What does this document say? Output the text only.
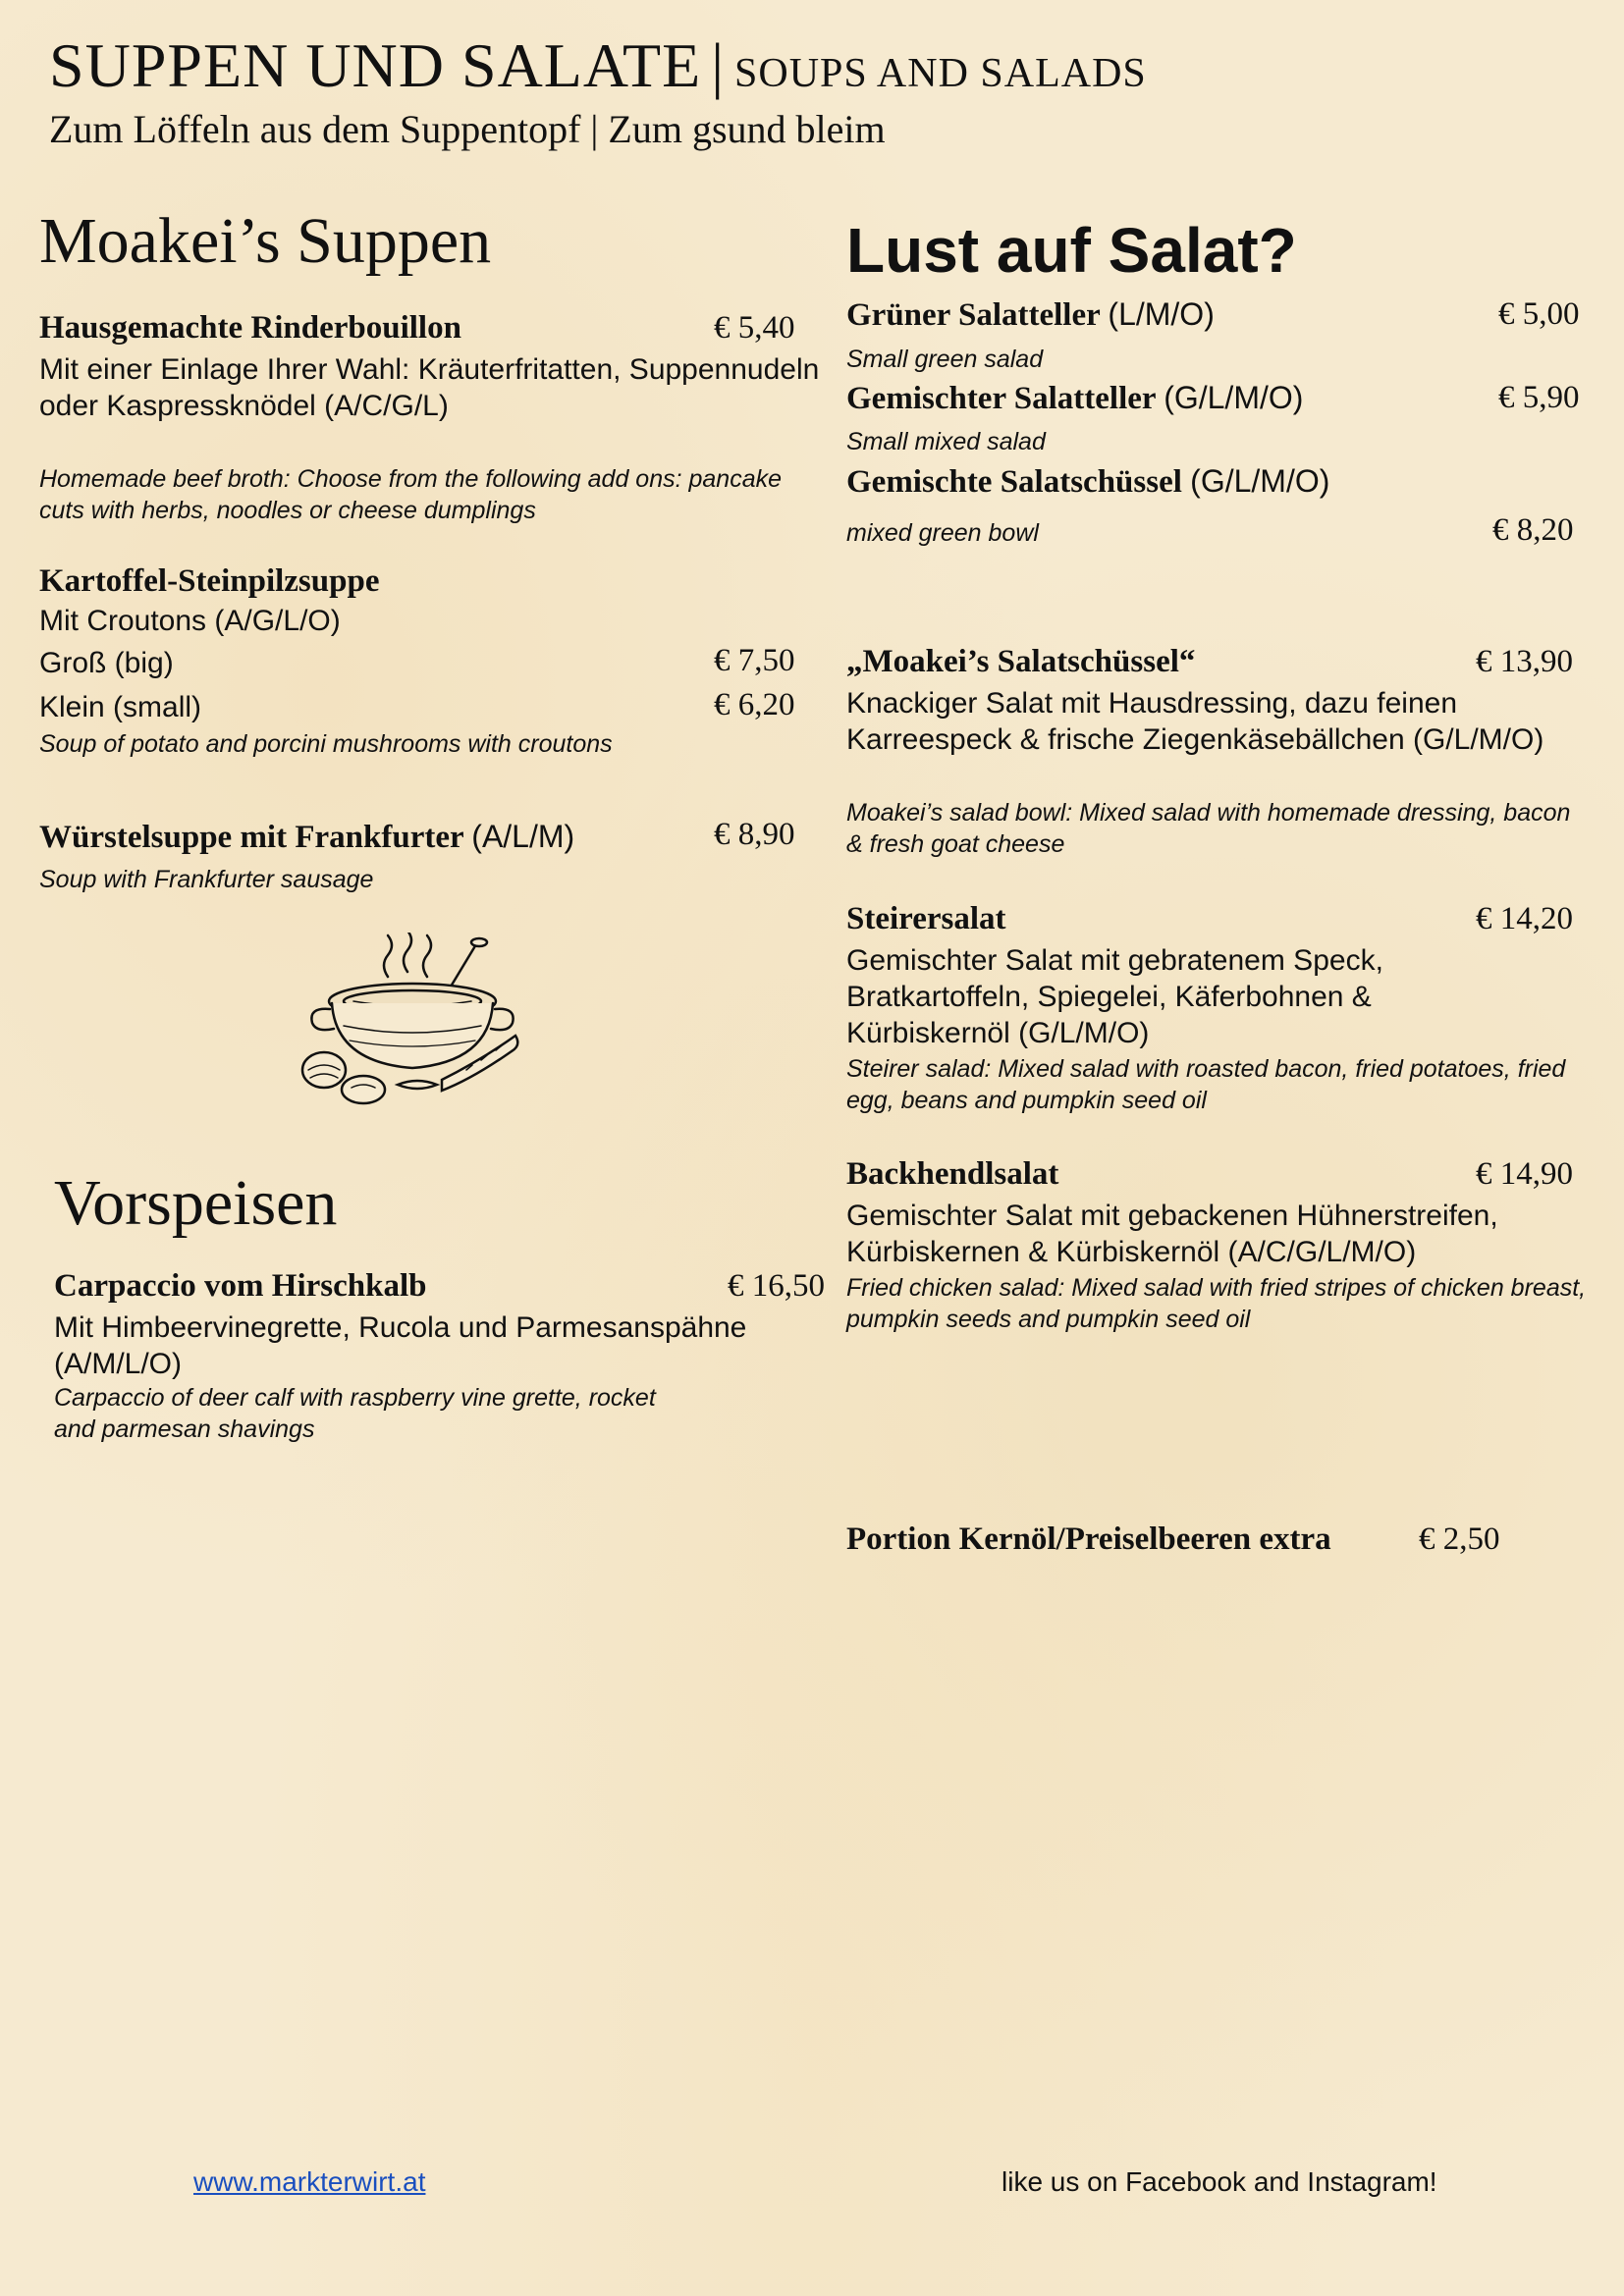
SUPPEN UND SALATE | SOUPS AND SALADS
Zum Löffeln aus dem Suppentopf | Zum gsund bleim
Moakei’s Suppen
Hausgemachte Rinderbouillon	€ 5,40
Mit einer Einlage Ihrer Wahl: Kräuterfritatten, Suppennudeln oder Kaspressknödel (A/C/G/L)
Homemade beef broth: Choose from the following add ons: pancake cuts with herbs, noodles or cheese dumplings
Kartoffel-Steinpilzsuppe
Mit Croutons (A/G/L/O)
Groß (big)	€ 7,50
Klein (small)	€ 6,20
Soup of potato and porcini mushrooms with croutons
Würstelsuppe mit Frankfurter (A/L/M)	€ 8,90
Soup with Frankfurter sausage
Vorspeisen
Carpaccio vom Hirschkalb	€ 16,50
Mit Himbeervinegrette, Rucola und Parmesanspähne (A/M/L/O)
Carpaccio of deer calf with raspberry vine grette, rocket and parmesan shavings
Lust auf Salat?
Grüner Salatteller (L/M/O)	€ 5,00
Small green salad
Gemischter Salatteller (G/L/M/O)	€ 5,90
Small mixed salad
Gemischte Salatschüssel (G/L/M/O)
mixed green bowl	€ 8,20
„Moakei’s Salatschüssel“	€ 13,90
Knackiger Salat mit Hausdressing, dazu feinen Karreespeck & frische Ziegenkäsebällchen (G/L/M/O)
Moakei’s salad bowl: Mixed salad with homemade dressing, bacon & fresh goat cheese
Steirersalat	€ 14,20
Gemischter Salat mit gebratenem Speck, Bratkartoffeln, Spiegelei, Käferbohnen & Kürbiskernöl (G/L/M/O)
Steirer salad: Mixed salad with roasted bacon, fried potatoes, fried egg, beans and pumpkin seed oil
Backhendlsalat	€ 14,90
Gemischter Salat mit gebackenen Hühnerstreifen, Kürbiskernen & Kürbiskernöl (A/C/G/L/M/O)
Fried chicken salad: Mixed salad with fried stripes of chicken breast, pumpkin seeds and pumpkin seed oil
Portion Kernöl/Preiselbeeren extra	€ 2,50
www.markterwirt.at	like us on Facebook and Instagram!
